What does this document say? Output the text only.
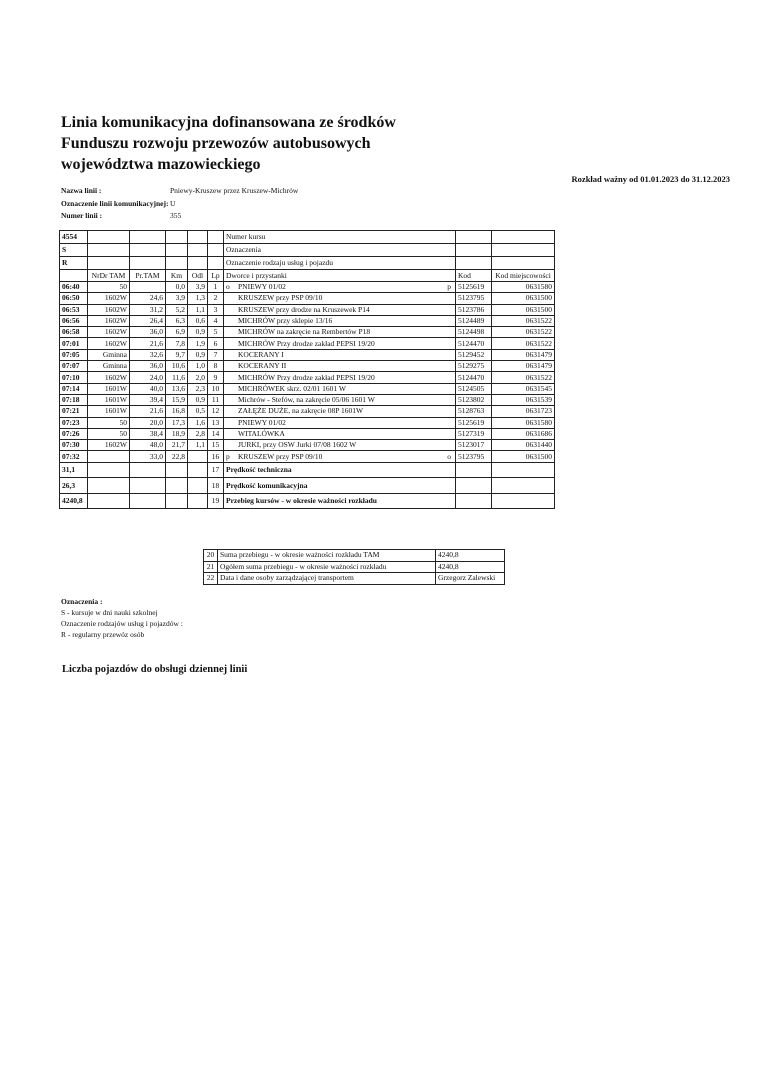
Linia komunikacyjna dofinansowana ze środków
Funduszu rozwoju przewozów autobusowych
województwa mazowieckiego
Rozkład ważny od 01.01.2023 do 31.12.2023
Nazwa linii :	Pniewy-Kruszew przez Kruszew-Michrów
Oznaczenie linii komunikacyjnej: U
Numer linii :	355
4554						Numer kursu		
S						Oznaczenia		
R						Oznaczenie rodzaju usług i pojazdu		
	NrDr TAM	Pr.TAM	Km	Odl	Lp	Dworce i przystanki	Kod	Kod miejscowości
06:40	50		0,0	3,9	1	o PNIEWY 01/02 p	5125619	0631580
06:50	1602W	24,6	3,9	1,3	2	KRUSZEW przy PSP 09/10	5123795	0631500
06:53	1602W	31,2	5,2	1,1	3	KRUSZEW przy drodze na Kruszewek P14	5123786	0631500
06:56	1602W	26,4	6,3	0,6	4	MICHRÓW przy sklepie 13/16	5124489	0631522
06:58	1602W	36,0	6,9	0,9	5	MICHRÓW na zakręcie na Rembertów P18	5124498	0631522
07:01	1602W	21,6	7,8	1,9	6	MICHRÓW Przy drodze zakład PEPSI 19/20	5124470	0631522
07:05	Gminna	32,6	9,7	0,9	7	KOCERANY I	5129452	0631479
07:07	Gminna	36,0	10,6	1,0	8	KOCERANY II	5129275	0631479
07:10	1602W	24,0	11,6	2,0	9	MICHRÓW Przy drodze zakład PEPSI 19/20	5124470	0631522
07:14	1601W	40,0	13,6	2,3	10	MICHRÓWEK skrz. 02/01 1601 W	5124505	0631545
07:18	1601W	39,4	15,9	0,9	11	Michrów - Stefów, na zakręcie 05/06 1601 W	5123802	0631539
07:21	1601W	21,6	16,8	0,5	12	ZAŁĘŻE DUŻE, na zakręcie 08P 1601W	5128763	0631723
07:23	50	20,0	17,3	1,6	13	PNIEWY 01/02	5125619	0631580
07:26	50	38,4	18,9	2,8	14	WITALÓWKA	5127319	0631686
07:30	1602W	48,0	21,7	1,1	15	JURKI, przy OSW Jurki 07/08 1602 W	5123017	0631440
07:32		33,0	22,8		16	p KRUSZEW przy PSP 09/10 o	5123795	0631500
31,1					17	Prędkość techniczna		
26,3					18	Prędkość komunikacyjna		
4240,8					19	Przebieg kursów - w okresie ważności rozkładu		
20	Suma przebiegu - w okresie ważności rozkładu TAM	4240,8
21	Ogółem suma przebiegu - w okresie ważności rozkładu	4240,8
22	Data i dane osoby zarządzającej transportem	Grzegorz Zalewski
Oznaczenia :
S - kursuje w dni nauki szkolnej
Oznaczenie rodzajów usług i pojazdów :
R - regularny przewóz osób
Liczba pojazdów do obsługi dziennej linii
